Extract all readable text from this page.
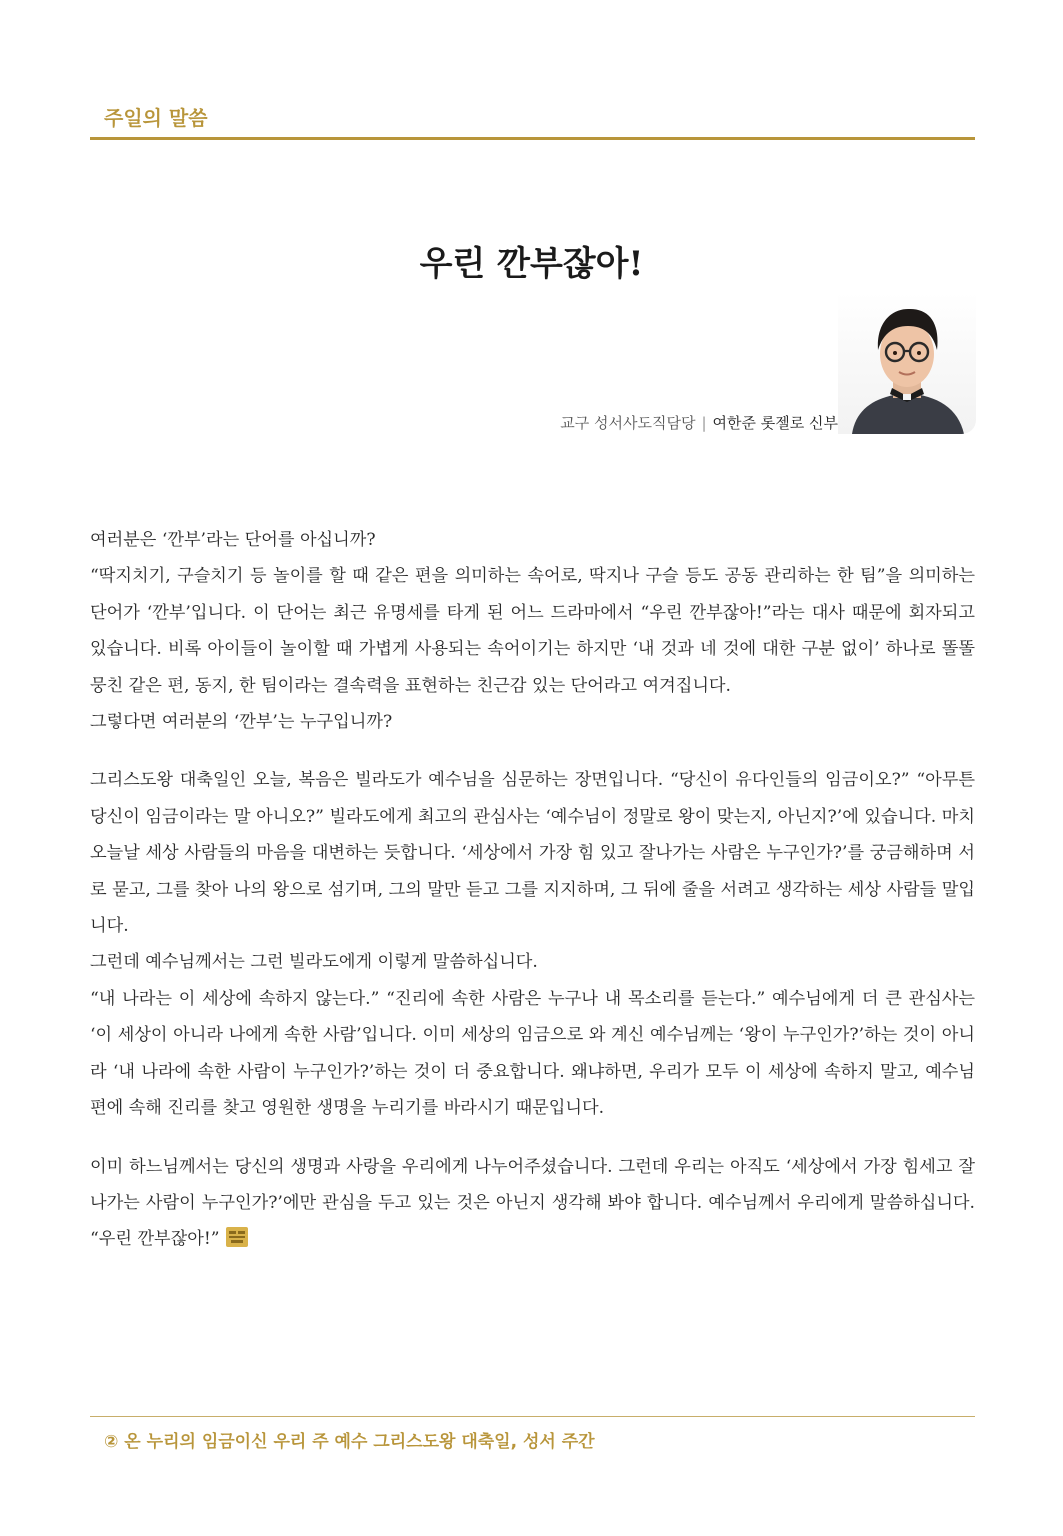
주일의 말씀
우린 깐부잖아!
교구 성서사도직담당 | 여한준 롯젤로 신부

여러분은 ‘깐부’라는 단어를 아십니까?

“딱지치기, 구슬치기 등 놀이를 할 때 같은 편을 의미하는 속어로, 딱지나 구슬 등도 공동 관리하는 한 팀”을 의미하는 단어가 ‘깐부’입니다. 이 단어는 최근 유명세를 타게 된 어느 드라마에서 “우린 깐부잖아!”라는 대사 때문에 회자되고 있습니다. 비록 아이들이 놀이할 때 가볍게 사용되는 속어이기는 하지만 ‘내 것과 네 것에 대한 구분 없이’ 하나로 똘똘 뭉친 같은 편, 동지, 한 팀이라는 결속력을 표현하는 친근감 있는 단어라고 여겨집니다.

그렇다면 여러분의 ‘깐부’는 누구입니까?

그리스도왕 대축일인 오늘, 복음은 빌라도가 예수님을 심문하는 장면입니다. “당신이 유다인들의 임금이오?” “아무튼 당신이 임금이라는 말 아니오?” 빌라도에게 최고의 관심사는 ‘예수님이 정말로 왕이 맞는지, 아닌지?’에 있습니다. 마치 오늘날 세상 사람들의 마음을 대변하는 듯합니다. ‘세상에서 가장 힘 있고 잘나가는 사람은 누구인가?’를 궁금해하며 서로 묻고, 그를 찾아 나의 왕으로 섬기며, 그의 말만 듣고 그를 지지하며, 그 뒤에 줄을 서려고 생각하는 세상 사람들 말입니다.

그런데 예수님께서는 그런 빌라도에게 이렇게 말씀하십니다.

“내 나라는 이 세상에 속하지 않는다.” “진리에 속한 사람은 누구나 내 목소리를 듣는다.” 예수님에게 더 큰 관심사는 ‘이 세상이 아니라 나에게 속한 사람’입니다. 이미 세상의 임금으로 와 계신 예수님께는 ‘왕이 누구인가?’하는 것이 아니라 ‘내 나라에 속한 사람이 누구인가?’하는 것이 더 중요합니다. 왜냐하면, 우리가 모두 이 세상에 속하지 말고, 예수님 편에 속해 진리를 찾고 영원한 생명을 누리기를 바라시기 때문입니다.

이미 하느님께서는 당신의 생명과 사랑을 우리에게 나누어주셨습니다. 그런데 우리는 아직도 ‘세상에서 가장 힘세고 잘나가는 사람이 누구인가?’에만 관심을 두고 있는 것은 아닌지 생각해 봐야 합니다. 예수님께서 우리에게 말씀하십니다. “우린 깐부잖아!”

② 온 누리의 임금이신 우리 주 예수 그리스도왕 대축일, 성서 주간
